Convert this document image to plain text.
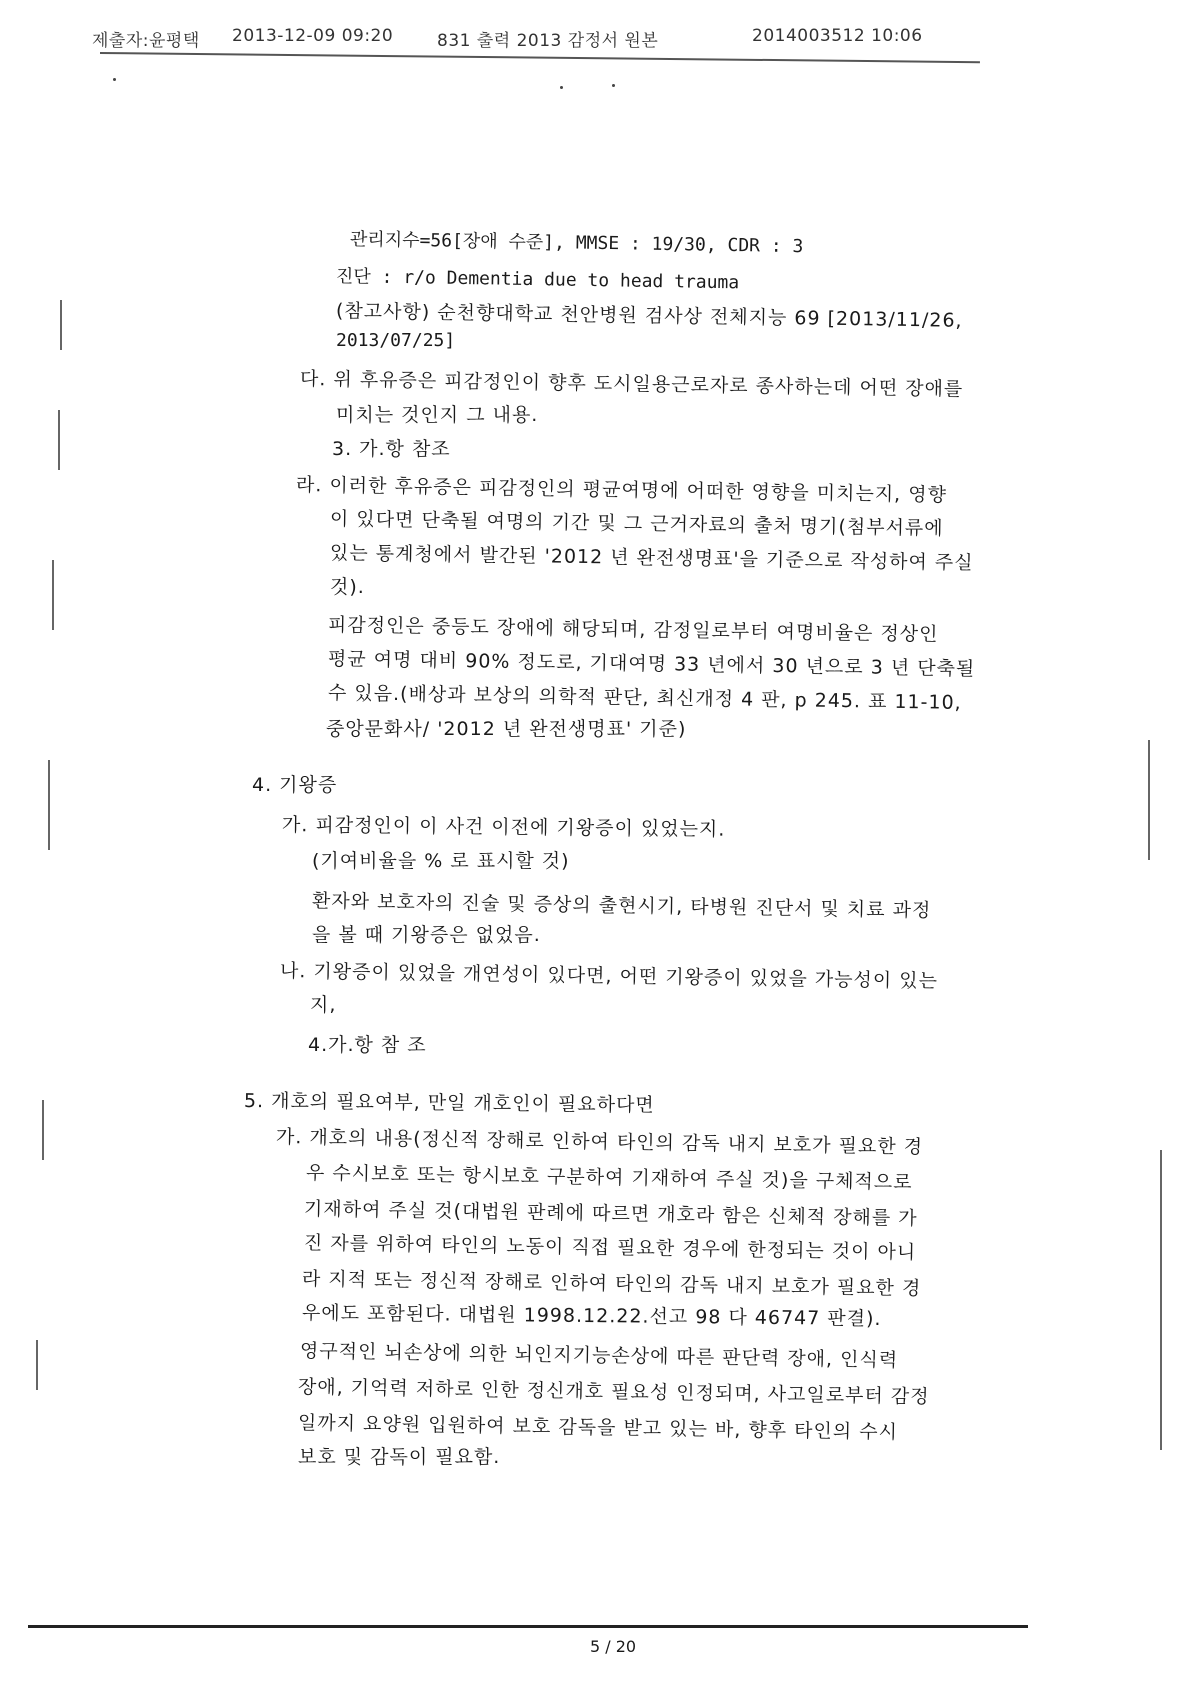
제출자:윤평택 2013-12-09 09:20	831 출력 2013 감정서 원본	2014003512 10:06
관리지수=56[장애 수준], MMSE : 19/30, CDR : 3
진단 : r/o Dementia due to head trauma
(참고사항) 순천향대학교 천안병원 검사상 전체지능 69 [2013/11/26,
2013/07/25]
다. 위 후유증은 피감정인이 향후 도시일용근로자로 종사하는데 어떤 장애를
미치는 것인지 그 내용.
3. 가.항 참조
라. 이러한 후유증은 피감정인의 평균여명에 어떠한 영향을 미치는지, 영향
이 있다면 단축될 여명의 기간 및 그 근거자료의 출처 명기(첨부서류에
있는 통계청에서 발간된 '2012 년 완전생명표'을 기준으로 작성하여 주실
것).
피감정인은 중등도 장애에 해당되며, 감정일로부터 여명비율은 정상인
평균 여명 대비 90% 정도로, 기대여명 33 년에서 30 년으로 3 년 단축될
수 있음.(배상과 보상의 의학적 판단, 최신개정 4 판, p 245. 표 11-10,
중앙문화사/ '2012 년 완전생명표' 기준)
4. 기왕증
가. 피감정인이 이 사건 이전에 기왕증이 있었는지.
(기여비율을 % 로 표시할 것)
환자와 보호자의 진술 및 증상의 출현시기, 타병원 진단서 및 치료 과정
을 볼 때 기왕증은 없었음.
나. 기왕증이 있었을 개연성이 있다면, 어떤 기왕증이 있었을 가능성이 있는
지,
4.가.항 참 조
5. 개호의 필요여부, 만일 개호인이 필요하다면
가. 개호의 내용(정신적 장해로 인하여 타인의 감독 내지 보호가 필요한 경
우 수시보호 또는 항시보호 구분하여 기재하여 주실 것)을 구체적으로
기재하여 주실 것(대법원 판례에 따르면 개호라 함은 신체적 장해를 가
진 자를 위하여 타인의 노동이 직접 필요한 경우에 한정되는 것이 아니
라 지적 또는 정신적 장해로 인하여 타인의 감독 내지 보호가 필요한 경
우에도 포함된다. 대법원 1998.12.22.선고 98 다 46747 판결).
영구적인 뇌손상에 의한 뇌인지기능손상에 따른 판단력 장애, 인식력
장애, 기억력 저하로 인한 정신개호 필요성 인정되며, 사고일로부터 감정
일까지 요양원 입원하여 보호 감독을 받고 있는 바, 향후 타인의 수시
보호 및 감독이 필요함.
5 / 20
